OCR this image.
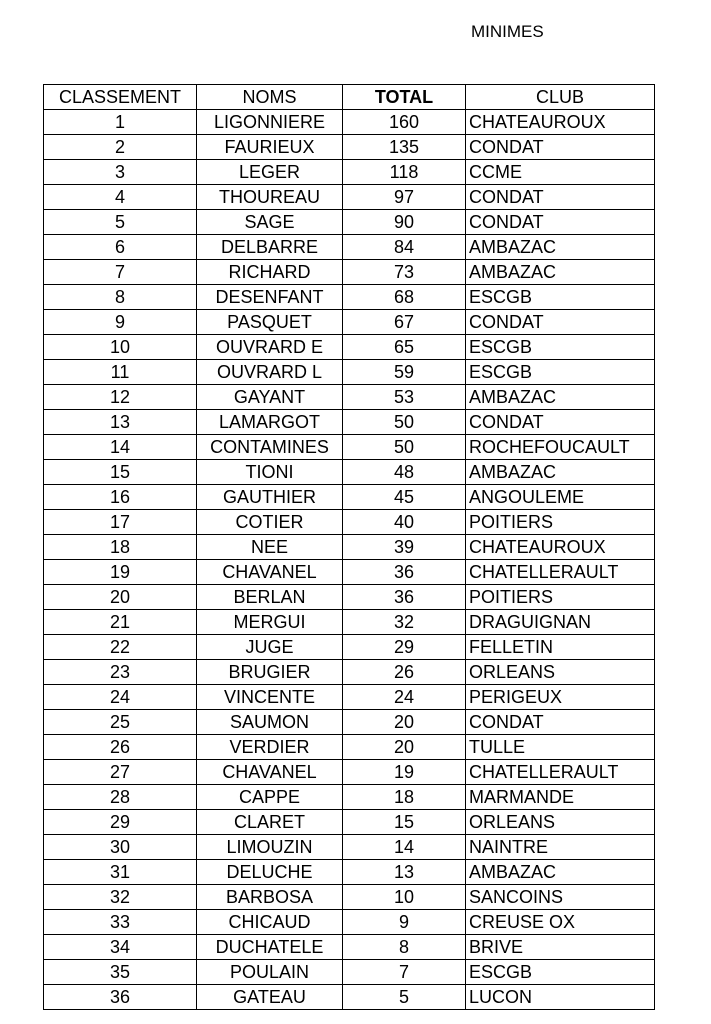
MINIMES
CLASSEMENT	NOMS	TOTAL	CLUB
1	LIGONNIERE	160	CHATEAUROUX
2	FAURIEUX	135	CONDAT
3	LEGER	118	CCME
4	THOUREAU	97	CONDAT
5	SAGE	90	CONDAT
6	DELBARRE	84	AMBAZAC
7	RICHARD	73	AMBAZAC
8	DESENFANT	68	ESCGB
9	PASQUET	67	CONDAT
10	OUVRARD E	65	ESCGB
11	OUVRARD L	59	ESCGB
12	GAYANT	53	AMBAZAC
13	LAMARGOT	50	CONDAT
14	CONTAMINES	50	ROCHEFOUCAULT
15	TIONI	48	AMBAZAC
16	GAUTHIER	45	ANGOULEME
17	COTIER	40	POITIERS
18	NEE	39	CHATEAUROUX
19	CHAVANEL	36	CHATELLERAULT
20	BERLAN	36	POITIERS
21	MERGUI	32	DRAGUIGNAN
22	JUGE	29	FELLETIN
23	BRUGIER	26	ORLEANS
24	VINCENTE	24	PERIGEUX
25	SAUMON	20	CONDAT
26	VERDIER	20	TULLE
27	CHAVANEL	19	CHATELLERAULT
28	CAPPE	18	MARMANDE
29	CLARET	15	ORLEANS
30	LIMOUZIN	14	NAINTRE
31	DELUCHE	13	AMBAZAC
32	BARBOSA	10	SANCOINS
33	CHICAUD	9	CREUSE OX
34	DUCHATELE	8	BRIVE
35	POULAIN	7	ESCGB
36	GATEAU	5	LUCON
